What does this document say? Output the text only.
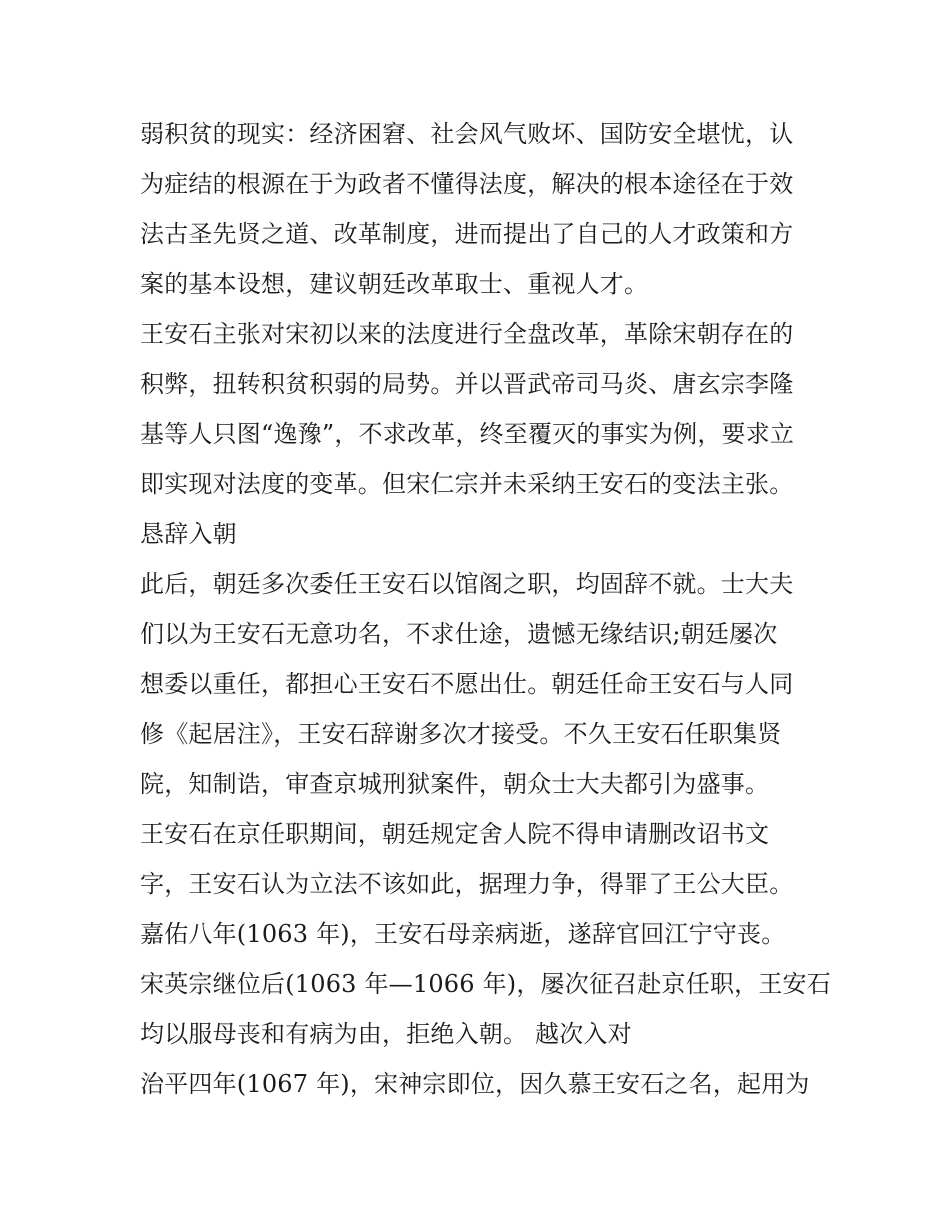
弱积贫的现实：经济困窘、社会风气败坏、国防安全堪忧，认
为症结的根源在于为政者不懂得法度，解决的根本途径在于效
法古圣先贤之道、改革制度，进而提出了自己的人才政策和方
案的基本设想，建议朝廷改革取士、重视人才。
王安石主张对宋初以来的法度进行全盘改革，革除宋朝存在的
积弊，扭转积贫积弱的局势。并以晋武帝司马炎、唐玄宗李隆
基等人只图“逸豫”，不求改革，终至覆灭的事实为例，要求立
即实现对法度的变革。但宋仁宗并未采纳王安石的变法主张。
恳辞入朝
此后，朝廷多次委任王安石以馆阁之职，均固辞不就。士大夫
们以为王安石无意功名，不求仕途，遗憾无缘结识;朝廷屡次
想委以重任，都担心王安石不愿出仕。朝廷任命王安石与人同
修《起居注》，王安石辞谢多次才接受。不久王安石任职集贤
院，知制诰，审查京城刑狱案件，朝众士大夫都引为盛事。
王安石在京任职期间，朝廷规定舍人院不得申请删改诏书文
字，王安石认为立法不该如此，据理力争，得罪了王公大臣。
嘉佑八年(1063 年)，王安石母亲病逝，遂辞官回江宁守丧。
宋英宗继位后(1063 年—1066 年)，屡次征召赴京任职，王安石
均以服母丧和有病为由，拒绝入朝。 越次入对
治平四年(1067 年)，宋神宗即位，因久慕王安石之名，起用为
